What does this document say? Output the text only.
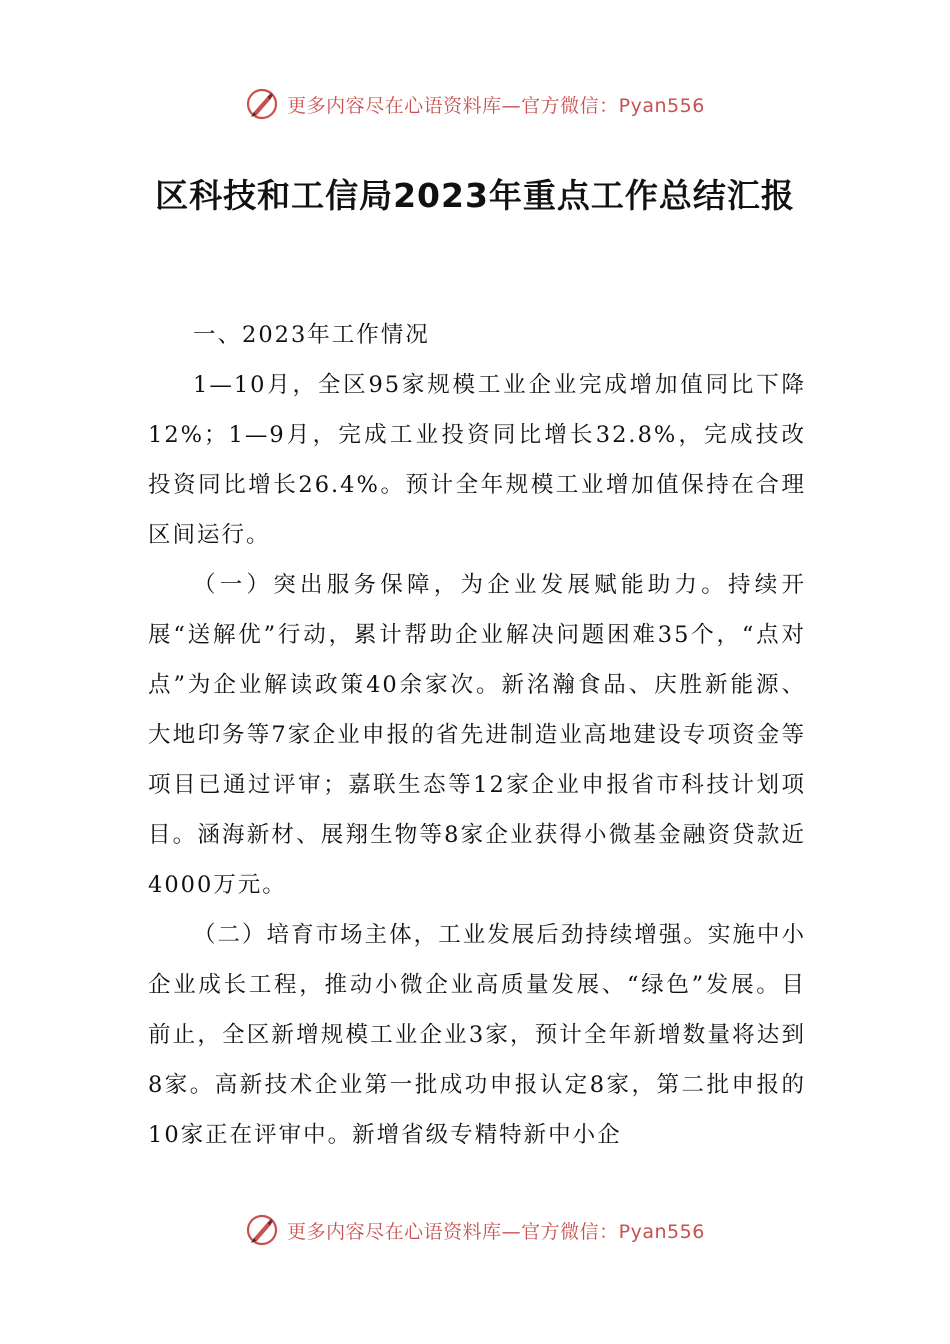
更多内容尽在心语资料库—官方微信：Pyan556
区科技和工信局2023年重点工作总结汇报

一、2023年工作情况

1—10月，全区95家规模工业企业完成增加值同比下降12%；1—9月，完成工业投资同比增长32.8%，完成技改投资同比增长26.4%。预计全年规模工业增加值保持在合理区间运行。

（一）突出服务保障，为企业发展赋能助力。持续开展“送解优”行动，累计帮助企业解决问题困难35个，“点对点”为企业解读政策40余家次。新洺瀚食品、庆胜新能源、大地印务等7家企业申报的省先进制造业高地建设专项资金等项目已通过评审；嘉联生态等12家企业申报省市科技计划项目。涵海新材、展翔生物等8家企业获得小微基金融资贷款近4000万元。

（二）培育市场主体，工业发展后劲持续增强。实施中小企业成长工程，推动小微企业高质量发展、“绿色”发展。目前止，全区新增规模工业企业3家，预计全年新增数量将达到8家。高新技术企业第一批成功申报认定8家，第二批申报的10家正在评审中。新增省级专精特新中小企

更多内容尽在心语资料库—官方微信：Pyan556
